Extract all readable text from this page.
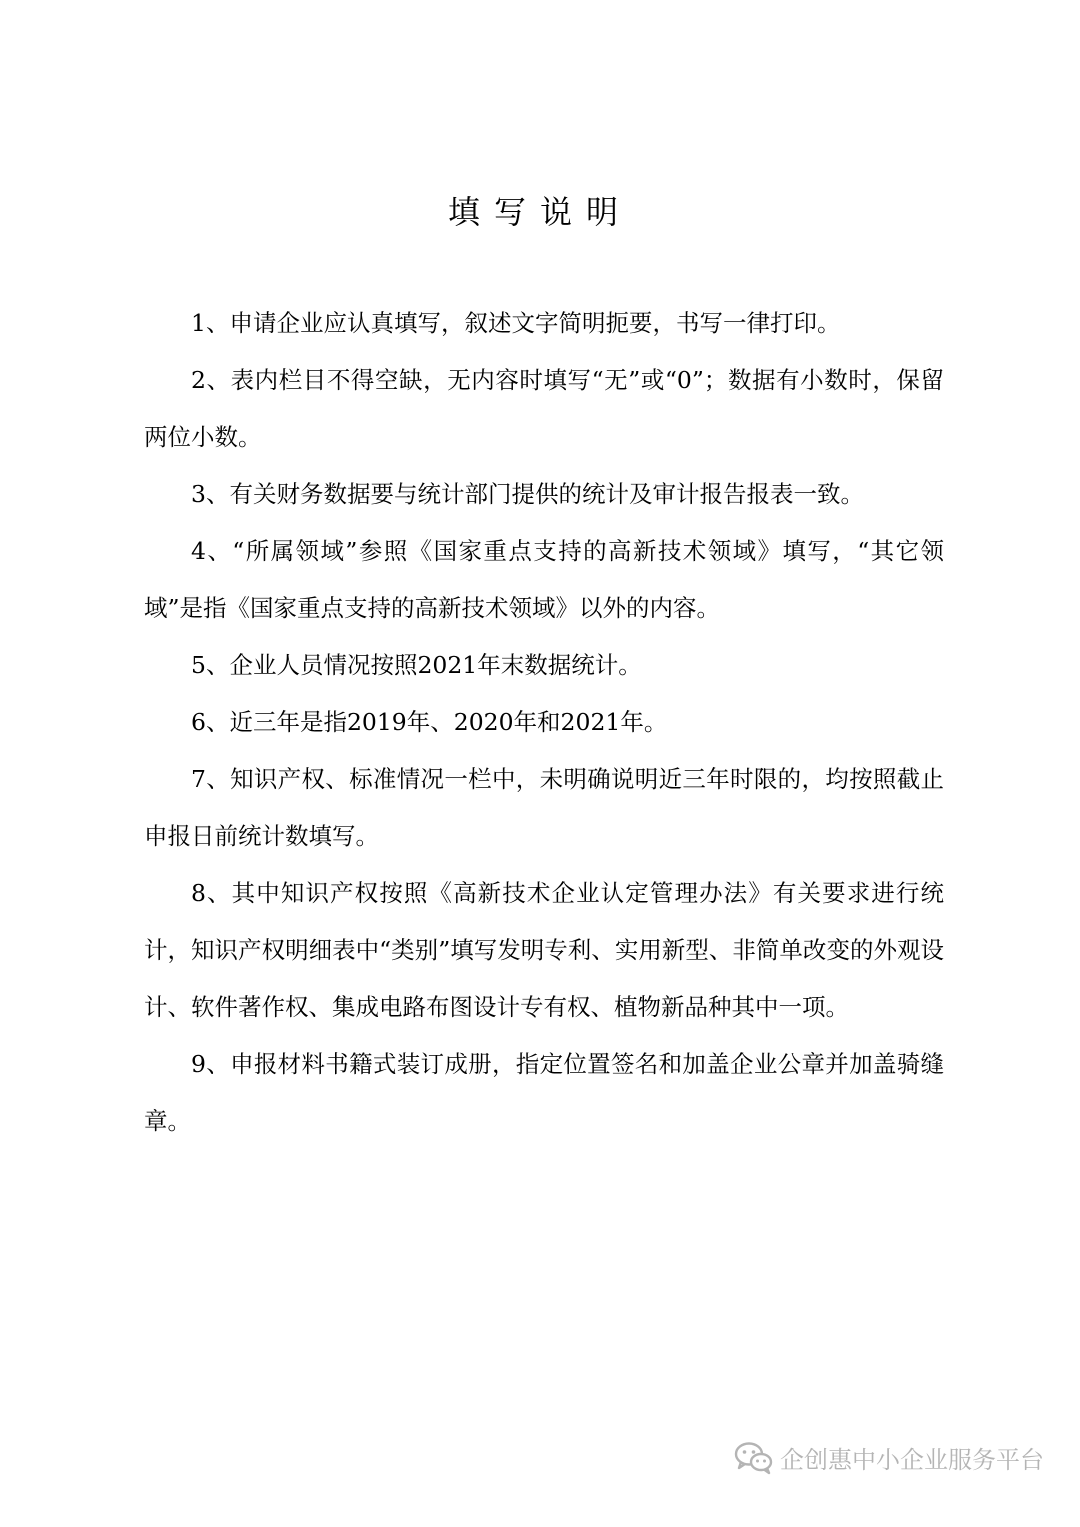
填写说明

1、申请企业应认真填写，叙述文字简明扼要，书写一律打印。

2、表内栏目不得空缺，无内容时填写“无”或“0”；数据有小数时，保留两位小数。

3、有关财务数据要与统计部门提供的统计及审计报告报表一致。

4、“所属领域”参照《国家重点支持的高新技术领域》填写，“其它领域”是指《国家重点支持的高新技术领域》以外的内容。

5、企业人员情况按照2021年末数据统计。

6、近三年是指2019年、2020年和2021年。

7、知识产权、标准情况一栏中，未明确说明近三年时限的，均按照截止申报日前统计数填写。

8、其中知识产权按照《高新技术企业认定管理办法》有关要求进行统计，知识产权明细表中“类别”填写发明专利、实用新型、非简单改变的外观设计、软件著作权、集成电路布图设计专有权、植物新品种其中一项。

9、申报材料书籍式装订成册，指定位置签名和加盖企业公章并加盖骑缝章。

企创惠中小企业服务平台
